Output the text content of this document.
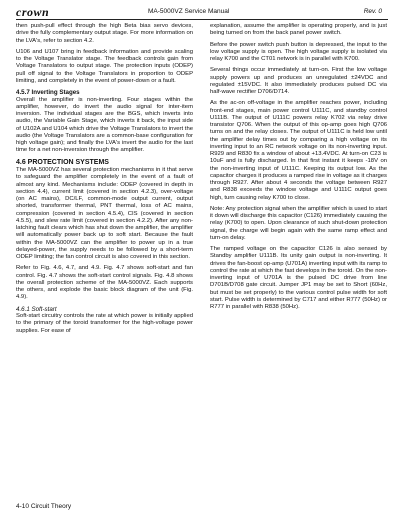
crown	MA-5000VZ Service Manual	Rev. 0

then push-pull effect through the high Beta bias servo devices, drive the fully complementary output stage. For more information on the LVA's, refer to section 4.2.

U106 and U107 bring in feedback information and provide scaling to the Voltage Translator stage. The feedback controls gain from Voltage Translators to output stage. The protection inputs (ODEP) pull off signal to the Voltage Translators in proportion to ODEP limiting, and completely in the event of power-down or a fault.

4.5.7 Inverting Stages

Overall the amplifier is non-inverting. Four stages within the amplifier, however, do invert the audio signal for inter-item inversion. The individual stages are the BGS, which inverts into audio, the Variable Gain Stage, which inverts it back, the input side of U102A and U104 which drive the Voltage Translators to invert the audio (the Voltage Translators are a common-base configuration for high voltage gain); and finally the LVA's invert the audio for the last time for a net non-inversion through the amplifier.

4.6 PROTECTION SYSTEMS

The MA-5000VZ has several protection mechanisms in it that serve to safeguard the amplifier completely in the event of a fault of almost any kind. Mechanisms include: ODEP (covered in depth in section 4.4), current limit (covered in section 4.2.3), over-voltage (on AC mains), DC/LF, common-mode output current, output shorted, transformer thermal, PNT thermal, loss of AC mains, compression (covered in section 4.5.4), CIS (covered in section 4.5.5), and slew rate limit (covered in section 4.2.2). After any non-latching fault clears which has shut down the amplifier, the amplifier will automatically power back up to soft start. Because the fault within the MA-5000VZ can the amplifier to power up in a true delayed-power, the supply needs to be followed by a short-term ODEP limiting; the fan control circuit is also covered in this section.

Refer to Fig. 4.6, 4.7, and 4.9. Fig. 4.7 shows soft-start and fan control. Fig. 4.7 shows the soft-start control signals. Fig. 4.8 shows the overall protection scheme of the MA-5000VZ. Each supports the others, and explode the basic block diagram of the unit (Fig. 4.9).

4.6.1 Soft-start

Soft-start circuitry controls the rate at which power is initially applied to the primary of the toroid transformer for the high-voltage power supplies. For ease of

explanation, assume the amplifier is operating properly, and is just being turned on from the back panel power switch.

Before the power switch push button is depressed, the input to the low voltage supply is open. The high voltage supply is isolated via relay K700 and the CT01 network is in parallel with K700.

Several things occur immediately at turn-on. First the low voltage supply powers up and produces an unregulated ±24VDC and regulated ±15VDC. It also immediately produces pulsed DC via half-wave rectifier D706/D714.

As the ac-on off-voltage in the amplifier reaches power, including front-end stages, main power control U111C, and standby control U111B. The output of U111C powers relay K702 via relay drive transistor Q706. When the output of this op-amp goes high Q706 turns on and the relay closes. The output of U111C is held low until the amplifier delay times out by comparing a high voltage on its inverting input to an RC network voltage on its non-inverting input. R929 and R830 fix a window of about +13.4VDC. At turn-on C23 is 10uF and is fully discharged. In that first instant it keeps -18V on the non-inverting input of U111C. Keeping its output low. As the capacitor charges it produces a ramped rise in voltage as it charges through R927. After about 4 seconds the voltage between R927 and R838 exceeds the window voltage and U111C output goes high, turn causing relay K700 to close.

Note: Any protection signal when the amplifier which is used to start it down will discharge this capacitor (C126) immediately causing the relay (K700) to open. Upon clearance of such shut-down protection signal, the charge will begin again with the same ramp effect and turn-on delay.

The ramped voltage on the capacitor C126 is also sensed by Standby amplifier U111B. Its unity gain output is non-inverting. It drives the fan-boost op-amp (U701A) inverting input with its ramp to control the rate at which the fast develops in the toroid. On the non-inverting input of U701A is the pulsed DC drive from line D701B/D708 gate circuit. Jumper JP1 may be set to Short (60Hz, but must be set properly) to the various control pulse width for soft start. Pulse width is determined by C717 and either R777 (50Hz) or R777 in parallel with R838 (50Hz).

4-10 Circuit Theory
